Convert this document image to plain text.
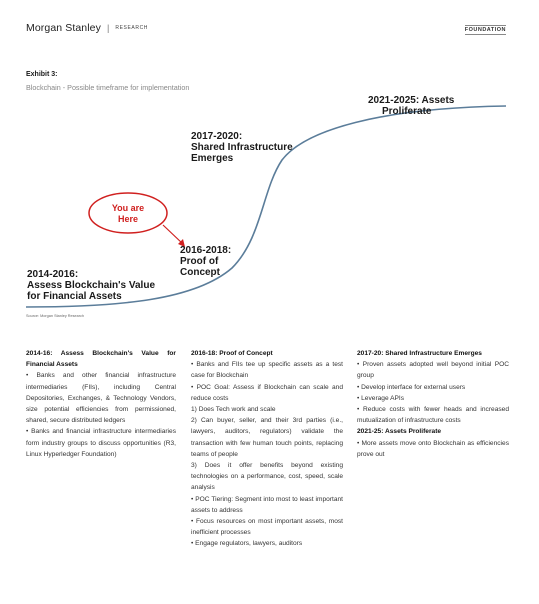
Morgan Stanley | RESEARCH	FOUNDATION
Exhibit 3:
Blockchain - Possible timeframe for implementation
You are
Here
2014-2016:
Assess Blockchain's Value
for Financial Assets
2016-2018:
Proof of
Concept
2017-2020:
Shared Infrastructure
Emerges
2021-2025: Assets
Proliferate
Source: Morgan Stanley Research
2014-16: Assess Blockchain's Value for Financial Assets
• Banks and other financial infrastructure intermediaries (FIIs), including Central Depositories, Exchanges, & Technology Vendors, size potential efficiencies from permissioned, shared, secure distributed ledgers
• Banks and financial infrastructure intermediaries form industry groups to discuss opportunities (R3, Linux Hyperledger Foundation)
2016-18: Proof of Concept
• Banks and FIIs tee up specific assets as a test case for Blockchain
• POC Goal: Assess if Blockchain can scale and reduce costs
1) Does Tech work and scale
2) Can buyer, seller, and their 3rd parties (i.e., lawyers, auditors, regulators) validate the transaction with few human touch points, replacing teams of people
3) Does it offer benefits beyond existing technologies on a performance, cost, speed, scale analysis
• POC Tiering: Segment into most to least important assets to address
• Focus resources on most important assets, most inefficient processes
• Engage regulators, lawyers, auditors
2017-20: Shared Infrastructure Emerges
• Proven assets adopted well beyond initial POC group
• Develop interface for external users
• Leverage APIs
• Reduce costs with fewer heads and increased mutualization of infrastructure costs
2021-25: Assets Proliferate
• More assets move onto Blockchain as efficiencies prove out
